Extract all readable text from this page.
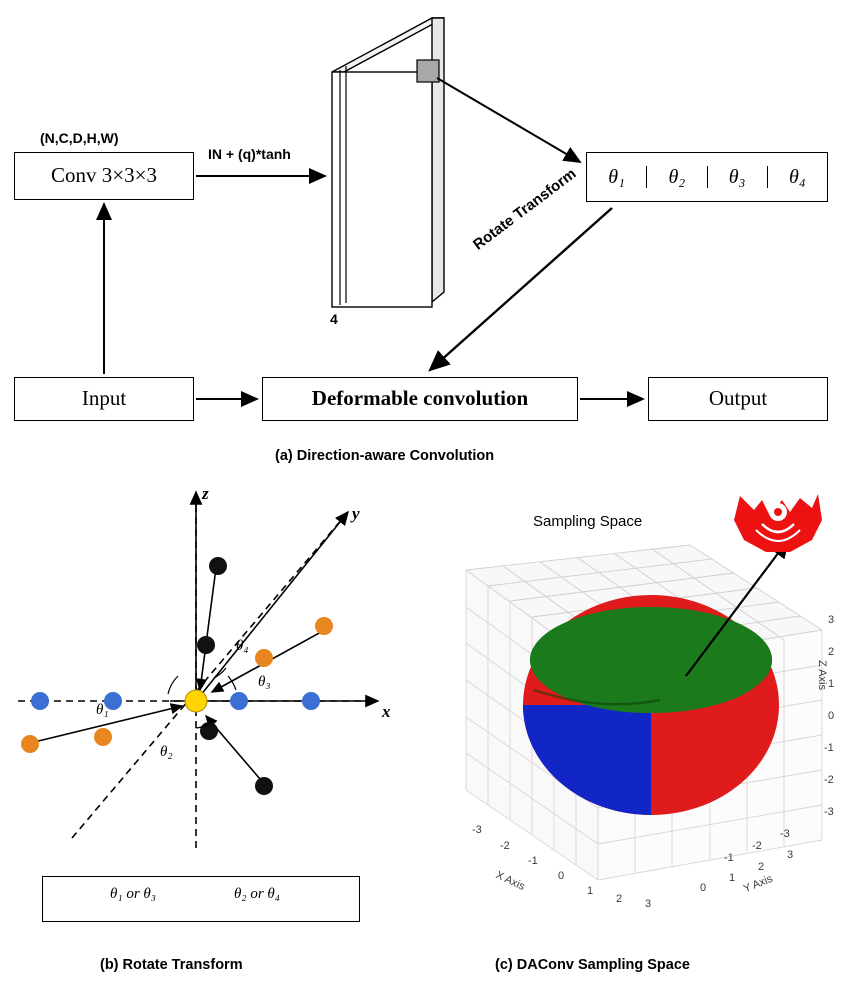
(N,C,D,H,W)
Conv 3×3×3
IN + (q)*tanh
4
θ₁	θ₂	θ₃	θ₄
Rotate Transform
Input	Deformable convolution	Output
(a) Direction-aware Convolution
z
y
x
θ₁
θ₂
θ₃
θ₄
θ₁ or θ₃	θ₂ or θ₄
(b) Rotate Transform
Sampling Space
-3
-2
-1
0
1
2 3
X Axis
3
2
1
0
-1
-2
-3
Y Axis
3
2
1
0
-1
-2
-3
Z Axis
(c) DAConv Sampling Space
